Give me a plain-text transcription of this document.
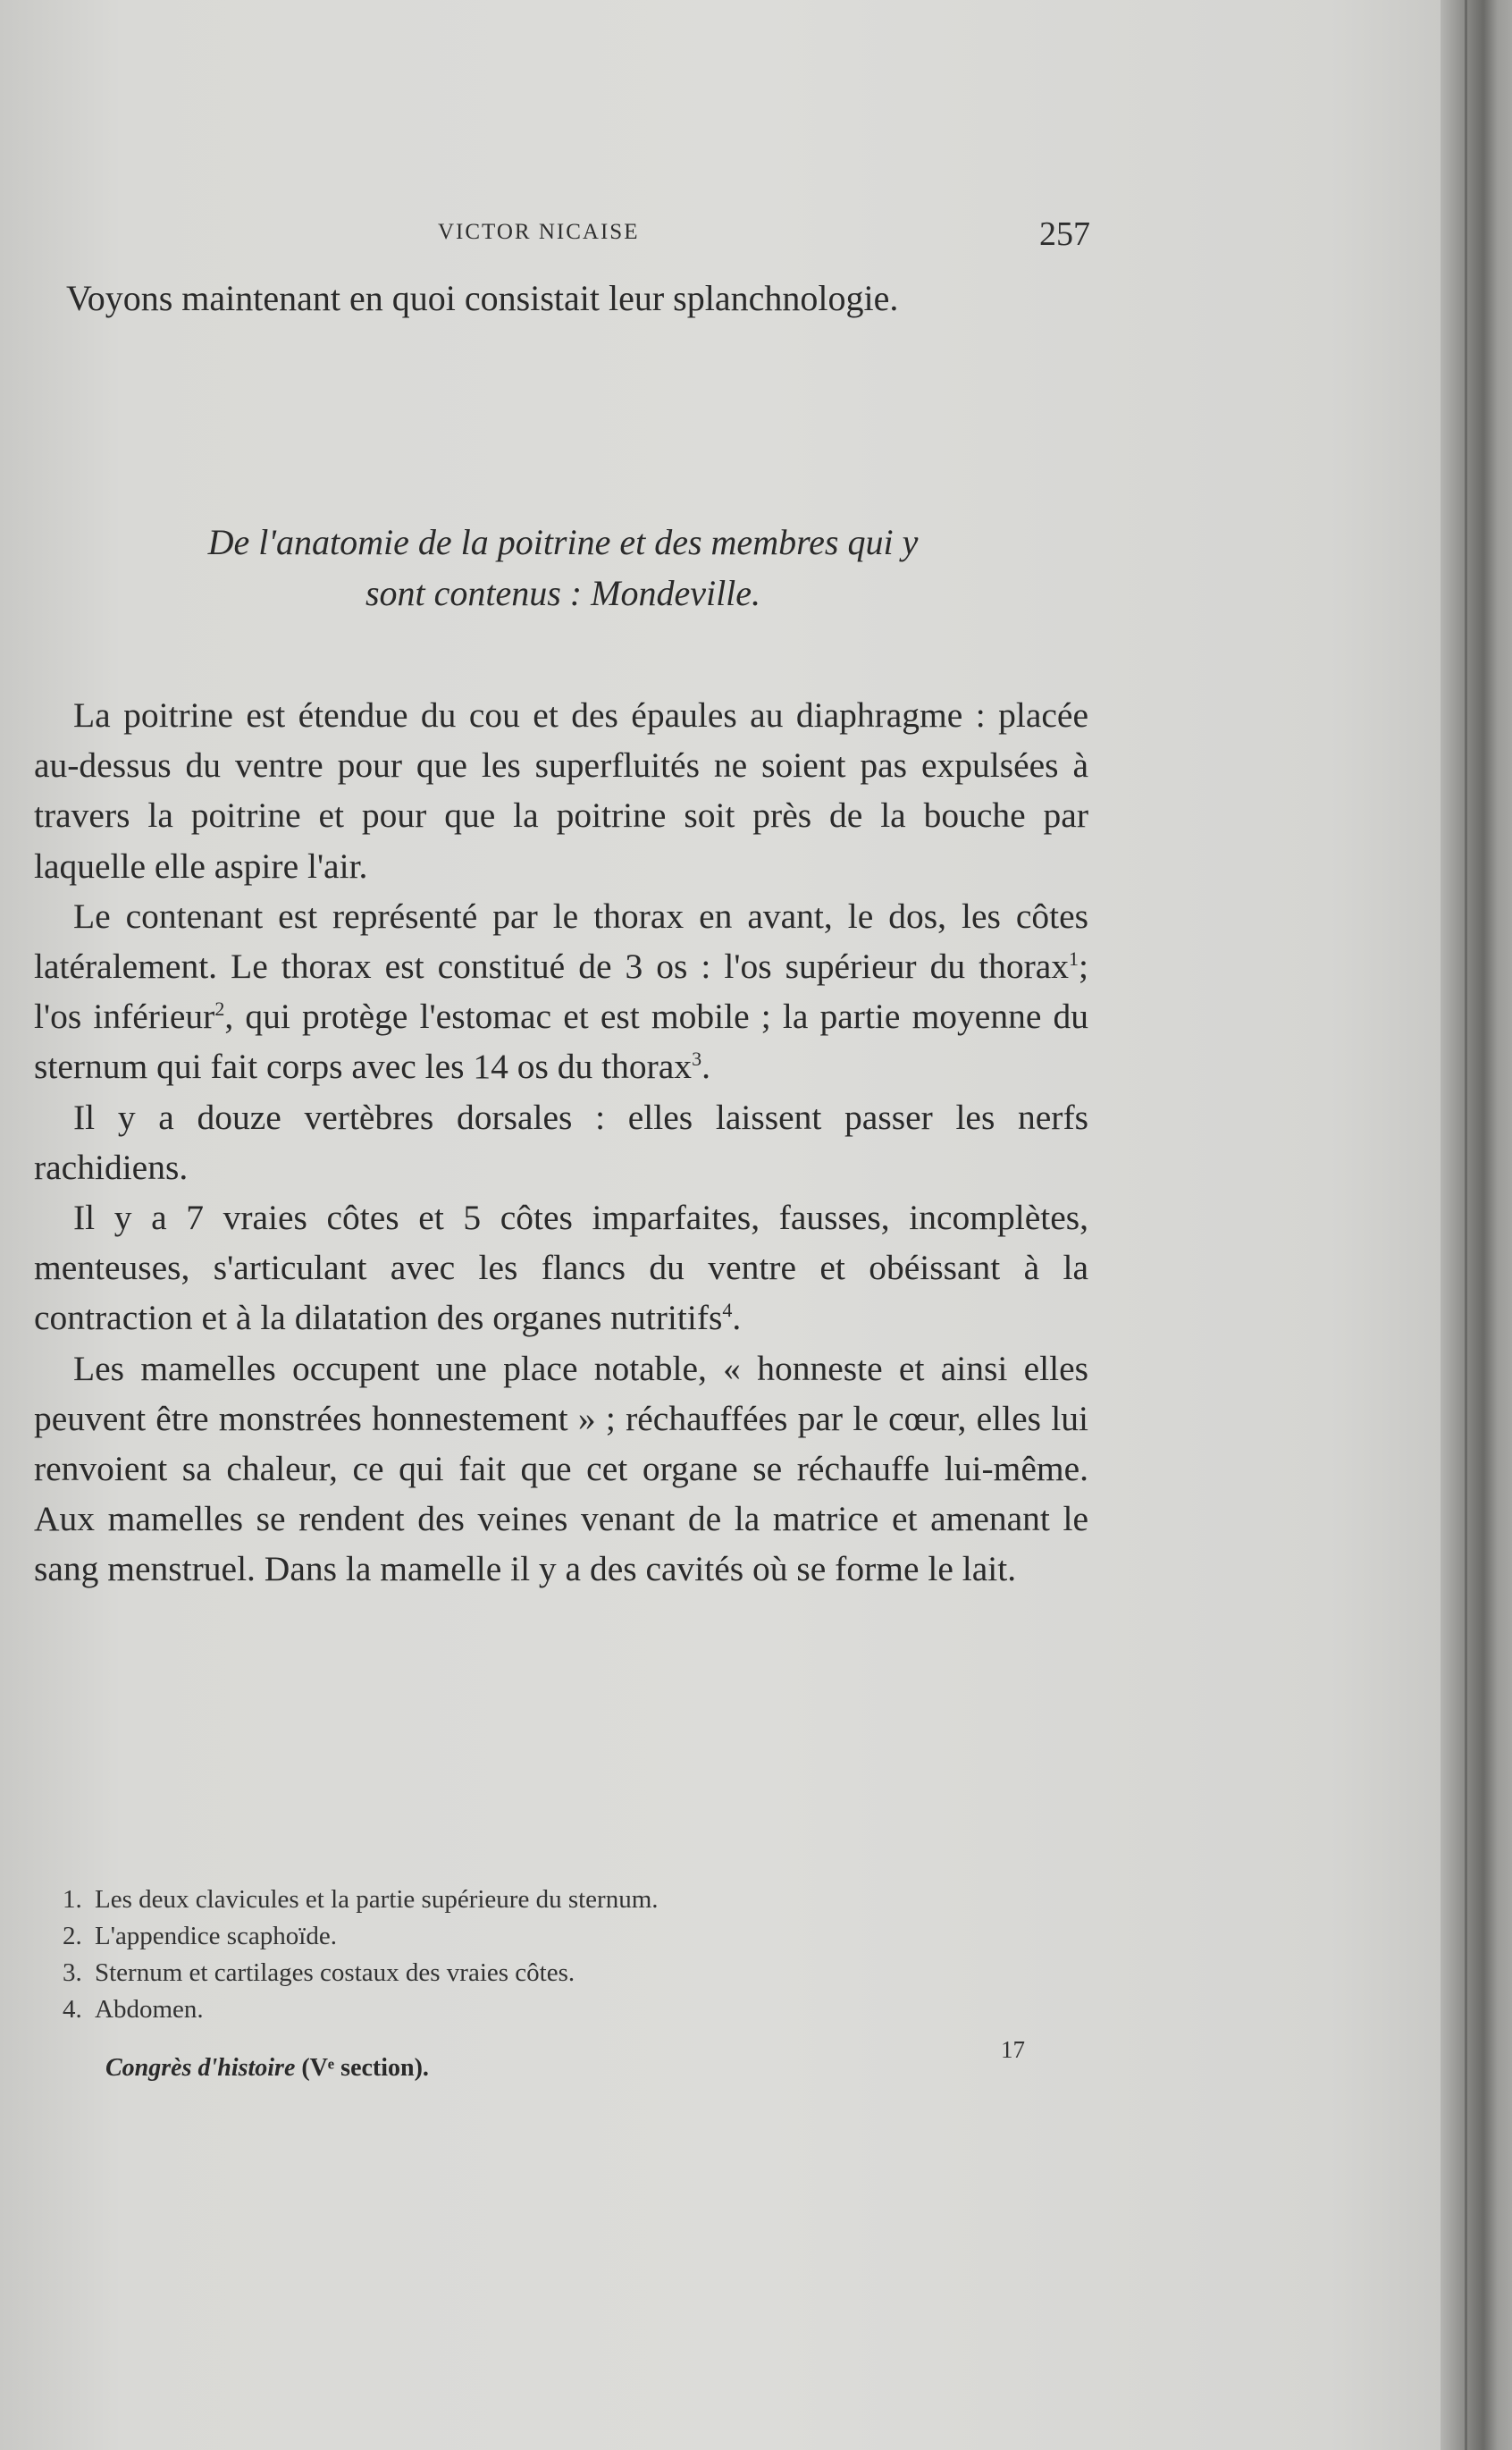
VICTOR NICAISE	257
Voyons maintenant en quoi consistait leur splanchnologie.
De l'anatomie de la poitrine et des membres qui y
sont contenus : Mondeville.

La poitrine est étendue du cou et des épaules au diaphragme : placée au-dessus du ventre pour que les superfluités ne soient pas expulsées à travers la poitrine et pour que la poitrine soit près de la bouche par laquelle elle aspire l'air.

Le contenant est représenté par le thorax en avant, le dos, les côtes latéralement. Le thorax est constitué de 3 os : l'os supérieur du thorax$^1$; l'os inférieur$^2$, qui protège l'estomac et est mobile ; la partie moyenne du sternum qui fait corps avec les 14 os du thorax$^3$.

Il y a douze vertèbres dorsales : elles laissent passer les nerfs rachidiens.

Il y a 7 vraies côtes et 5 côtes imparfaites, fausses, incomplètes, menteuses, s'articulant avec les flancs du ventre et obéissant à la contraction et à la dilatation des organes nutritifs$^4$.

Les mamelles occupent une place notable, « honneste et ainsi elles peuvent être monstrées honnestement » ; réchauffées par le cœur, elles lui renvoient sa chaleur, ce qui fait que cet organe se réchauffe lui-même. Aux mamelles se rendent des veines venant de la matrice et amenant le sang menstruel. Dans la mamelle il y a des cavités où se forme le lait.

1. Les deux clavicules et la partie supérieure du sternum.
2. L'appendice scaphoïde.
3. Sternum et cartilages costaux des vraies côtes.
4. Abdomen.
Congrès d'histoire (Vᵉ section).
17
